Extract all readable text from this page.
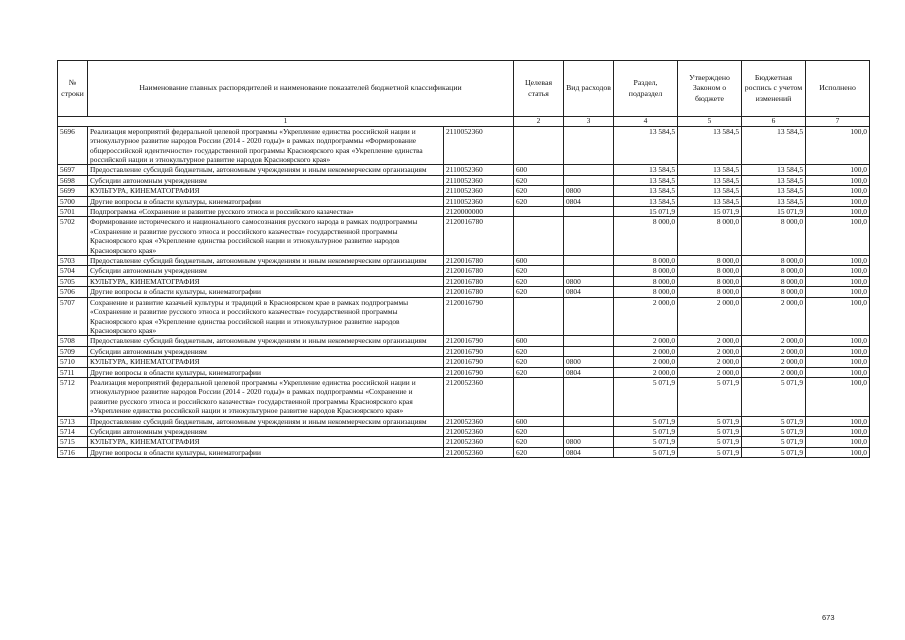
№ строки	Наименование главных распорядителей и наименование показателей бюджетной классификации		Целевая статья	Вид расходов	Раздел, подраздел	Утверждено Законом о бюджете	Бюджетная роспись с учетом изменений	Исполнено	
1			2	3	4	5	6	7	
5696	Реализация мероприятий федеральной целевой программы «Укрепление единства российской нации и этнокультурное развитие народов России (2014 - 2020 годы)» в рамках подпрограммы «Формирование общероссийской идентичности» государственной программы Красноярского края «Укрепление единства российской нации и этнокультурное развитие народов Красноярского края»	2110052360			13 584,5	13 584,5	13 584,5	100,0	
5697	Предоставление субсидий бюджетным, автономным учреждениям и иным некоммерческим организациям	2110052360	600		13 584,5	13 584,5	13 584,5	100,0	
5698	Субсидии автономным учреждениям	2110052360	620		13 584,5	13 584,5	13 584,5	100,0	
5699	КУЛЬТУРА, КИНЕМАТОГРАФИЯ	2110052360	620	0800	13 584,5	13 584,5	13 584,5	100,0	
5700	Другие вопросы в области культуры, кинематографии	2110052360	620	0804	13 584,5	13 584,5	13 584,5	100,0	
5701	Подпрограмма «Сохранение и развитие русского этноса и российского казачества»	2120000000			15 071,9	15 071,9	15 071,9	100,0	
5702	Формирование исторического и национального самосознания русского народа в рамках подпрограммы «Сохранение и развитие русского этноса и российского казачества» государственной программы Красноярского края «Укрепление единства российской нации и этнокультурное развитие народов Красноярского края»	2120016780			8 000,0	8 000,0	8 000,0	100,0	
5703	Предоставление субсидий бюджетным, автономным учреждениям и иным некоммерческим организациям	2120016780	600		8 000,0	8 000,0	8 000,0	100,0	
5704	Субсидии автономным учреждениям	2120016780	620		8 000,0	8 000,0	8 000,0	100,0	
5705	КУЛЬТУРА, КИНЕМАТОГРАФИЯ	2120016780	620	0800	8 000,0	8 000,0	8 000,0	100,0	
5706	Другие вопросы в области культуры, кинематографии	2120016780	620	0804	8 000,0	8 000,0	8 000,0	100,0	
5707	Сохранение и развитие казачьей культуры и традиций в Красноярском крае в рамках подпрограммы «Сохранение и развитие русского этноса и российского казачества» государственной программы Красноярского края «Укрепление единства российской нации и этнокультурное развитие народов Красноярского края»	2120016790			2 000,0	2 000,0	2 000,0	100,0	
5708	Предоставление субсидий бюджетным, автономным учреждениям и иным некоммерческим организациям	2120016790	600		2 000,0	2 000,0	2 000,0	100,0	
5709	Субсидии автономным учреждениям	2120016790	620		2 000,0	2 000,0	2 000,0	100,0	
5710	КУЛЬТУРА, КИНЕМАТОГРАФИЯ	2120016790	620	0800	2 000,0	2 000,0	2 000,0	100,0	
5711	Другие вопросы в области культуры, кинематографии	2120016790	620	0804	2 000,0	2 000,0	2 000,0	100,0	
5712	Реализация мероприятий федеральной целевой программы «Укрепление единства российской нации и этнокультурное развитие народов России (2014 - 2020 годы)» в рамках подпрограммы «Сохранение и развитие русского этноса и российского казачества» государственной программы Красноярского края «Укрепление единства российской нации и этнокультурное развитие народов Красноярского края»	2120052360			5 071,9	5 071,9	5 071,9	100,0	
5713	Предоставление субсидий бюджетным, автономным учреждениям и иным некоммерческим организациям	2120052360	600		5 071,9	5 071,9	5 071,9	100,0	
5714	Субсидии автономным учреждениям	2120052360	620		5 071,9	5 071,9	5 071,9	100,0	
5715	КУЛЬТУРА, КИНЕМАТОГРАФИЯ	2120052360	620	0800	5 071,9	5 071,9	5 071,9	100,0	
5716	Другие вопросы в области культуры, кинематографии	2120052360	620	0804	5 071,9	5 071,9	5 071,9	100,0	
673
